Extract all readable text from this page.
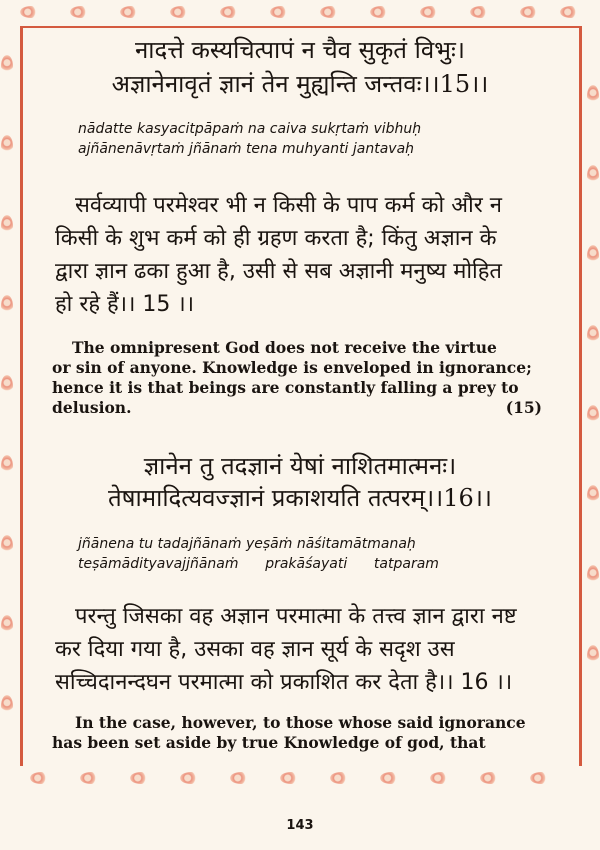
नादत्ते कस्यचित्पापं न चैव सुकृतं विभुः।
अज्ञानेनावृतं ज्ञानं तेन मुह्यन्ति जन्तवः।।15।।
nādatte kasyacitpāpaṁ na caiva sukṛtaṁ vibhuḥ
ajñānenāvṛtaṁ jñānaṁ tena muhyanti jantavaḥ
सर्वव्यापी परमेश्वर भी न किसी के पाप कर्म को और न
किसी के शुभ कर्म को ही ग्रहण करता है; किंतु अज्ञान के
द्वारा ज्ञान ढका हुआ है, उसी से सब अज्ञानी मनुष्य मोहित
हो रहे हैं।। 15 ।।
The omnipresent God does not receive the virtue
or sin of anyone. Knowledge is enveloped in ignorance;
hence it is that beings are constantly falling a prey to
delusion.	(15)
ज्ञानेन तु तदज्ञानं येषां नाशितमात्मनः।
तेषामादित्यवज्ज्ञानं प्रकाशयति तत्परम्।।16।।
jñānena tu tadajñānaṁ yeṣāṁ nāśitamātmanaḥ
teṣāmādityavajjñānaṁ      prakāśayati      tatparam
परन्तु जिसका वह अज्ञान परमात्मा के तत्त्व ज्ञान द्वारा नष्ट
कर दिया गया है, उसका वह ज्ञान सूर्य के सदृश उस
सच्चिदानन्दघन परमात्मा को प्रकाशित कर देता है।। 16 ।।
In the case, however, to those whose said ignorance
has been set aside by true Knowledge of god, that
143
